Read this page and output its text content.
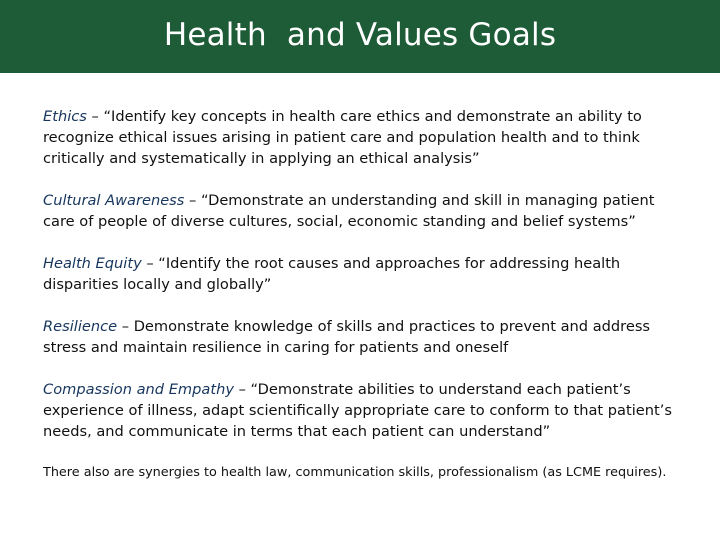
Health  and Values Goals

Ethics – “Identify key concepts in health care ethics and demonstrate an ability to recognize ethical issues arising in patient care and population health and to think critically and systematically in applying an ethical analysis”

Cultural Awareness – “Demonstrate an understanding and skill in managing patient care of people of diverse cultures, social, economic standing and belief systems”

Health Equity – “Identify the root causes and approaches for addressing health disparities locally and globally”

Resilience – Demonstrate knowledge of skills and practices to prevent and address stress and maintain resilience in caring for patients and oneself

Compassion and Empathy – “Demonstrate abilities to understand each patient’s experience of illness, adapt scientifically appropriate care to conform to that patient’s needs, and communicate in terms that each patient can understand”

There also are synergies to health law, communication skills, professionalism (as LCME requires).
